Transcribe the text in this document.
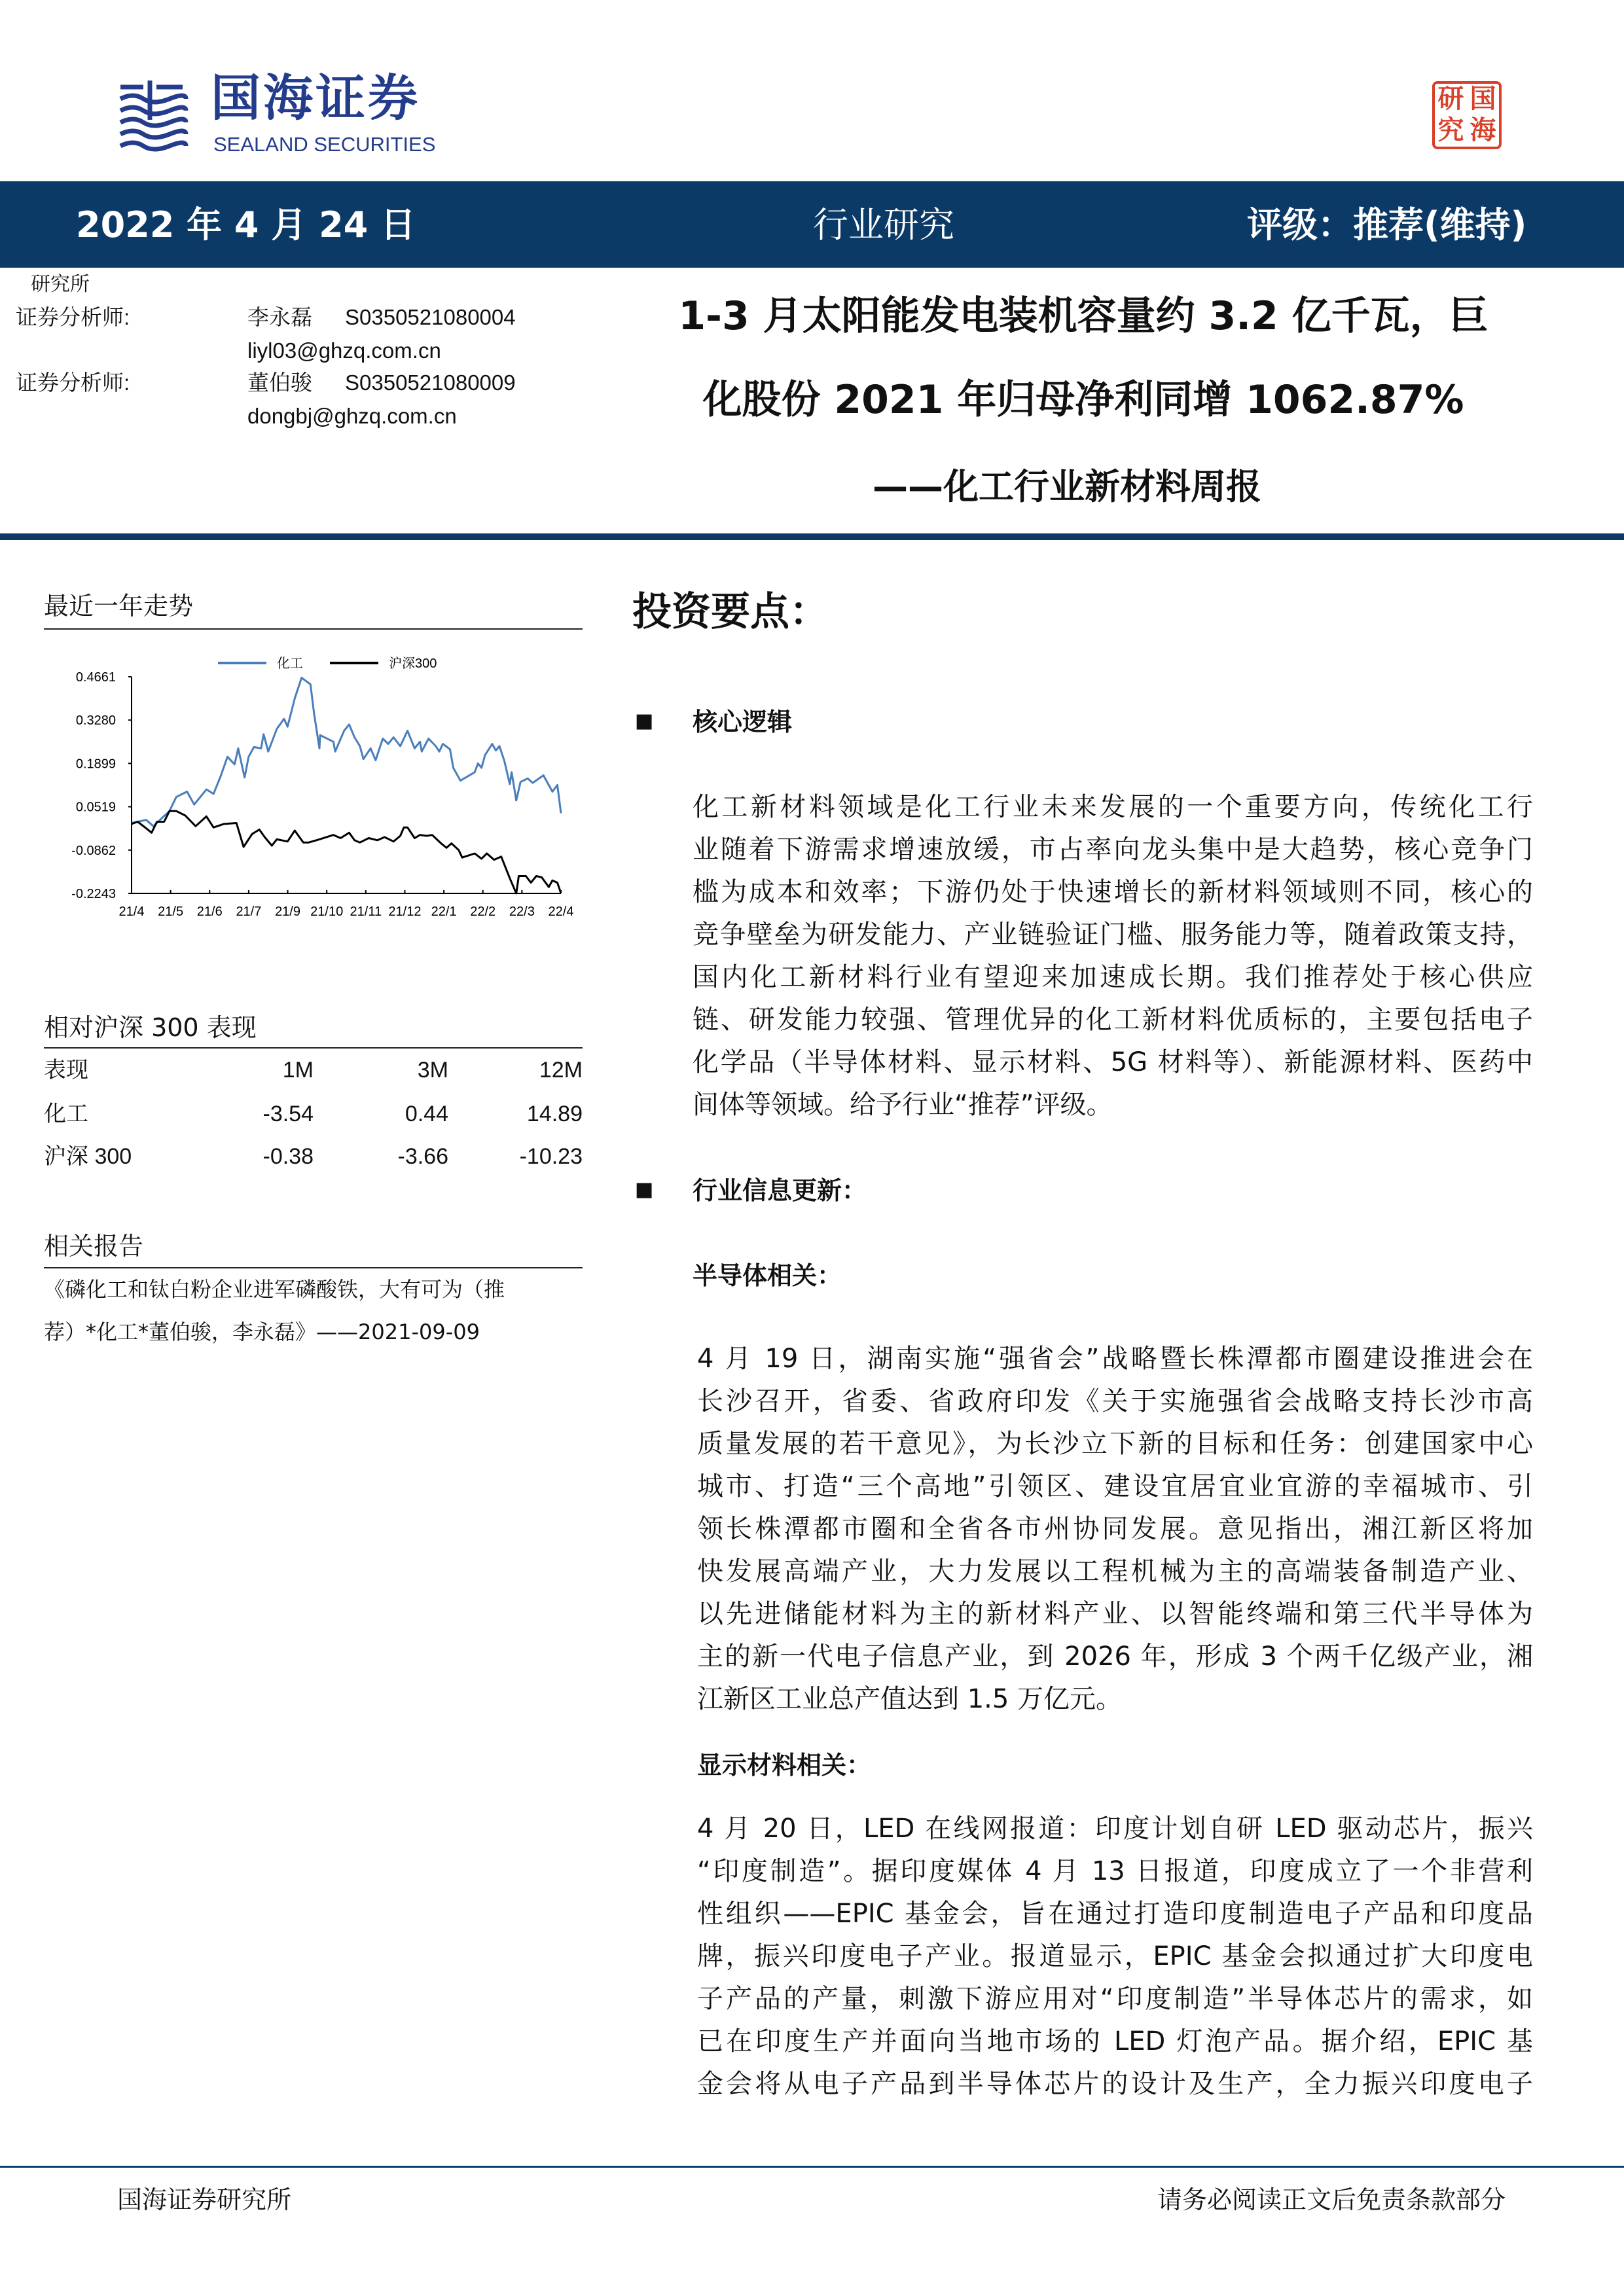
国海证券
SEALAND SECURITIES
研 国
究 海
2022 年 4 月 24 日	行业研究	评级：推荐(维持)
研究所
证券分析师:	李永磊 S0350521080004
liyl03@ghzq.com.cn
证券分析师:	董伯骏 S0350521080009
dongbj@ghzq.com.cn
1-3 月太阳能发电装机容量约 3.2 亿千瓦，巨
化股份 2021 年归母净利同增 1062.87%
——化工行业新材料周报
最近一年走势
化工	沪深300
0.4661
0.3280
0.1899
0.0519
-0.0862
-0.2243
21/4 21/5 21/6 21/7 21/9 21/10 21/11 21/12 22/1 22/2 22/3 22/4
相对沪深 300 表现
表现	1M	3M	12M
化工	-3.54	0.44	14.89
沪深 300	-0.38	-3.66	-10.23
相关报告
《磷化工和钛白粉企业进军磷酸铁，大有可为（推
荐）*化工*董伯骏，李永磊》——2021-09-09
投资要点：
■ 核心逻辑
化工新材料领域是化工行业未来发展的一个重要方向，传统化工行
业随着下游需求增速放缓，市占率向龙头集中是大趋势，核心竞争门
槛为成本和效率；下游仍处于快速增长的新材料领域则不同，核心的
竞争壁垒为研发能力、产业链验证门槛、服务能力等，随着政策支持，
国内化工新材料行业有望迎来加速成长期。我们推荐处于核心供应
链、研发能力较强、管理优异的化工新材料优质标的，主要包括电子
化学品（半导体材料、显示材料、5G 材料等）、新能源材料、医药中
间体等领域。给予行业“推荐”评级。
■ 行业信息更新：
半导体相关：
4 月 19 日，湖南实施“强省会”战略暨长株潭都市圈建设推进会在
长沙召开，省委、省政府印发《关于实施强省会战略支持长沙市高
质量发展的若干意见》，为长沙立下新的目标和任务：创建国家中心
城市、打造“三个高地”引领区、建设宜居宜业宜游的幸福城市、引
领长株潭都市圈和全省各市州协同发展。意见指出，湘江新区将加
快发展高端产业，大力发展以工程机械为主的高端装备制造产业、
以先进储能材料为主的新材料产业、以智能终端和第三代半导体为
主的新一代电子信息产业，到 2026 年，形成 3 个两千亿级产业，湘
江新区工业总产值达到 1.5 万亿元。
显示材料相关：
4 月 20 日，LED 在线网报道：印度计划自研 LED 驱动芯片，振兴
“印度制造”。据印度媒体 4 月 13 日报道，印度成立了一个非营利
性组织——EPIC 基金会，旨在通过打造印度制造电子产品和印度品
牌，振兴印度电子产业。报道显示，EPIC 基金会拟通过扩大印度电
子产品的产量，刺激下游应用对“印度制造”半导体芯片的需求，如
已在印度生产并面向当地市场的 LED 灯泡产品。据介绍，EPIC 基
金会将从电子产品到半导体芯片的设计及生产，全力振兴印度电子
国海证券研究所	请务必阅读正文后免责条款部分
